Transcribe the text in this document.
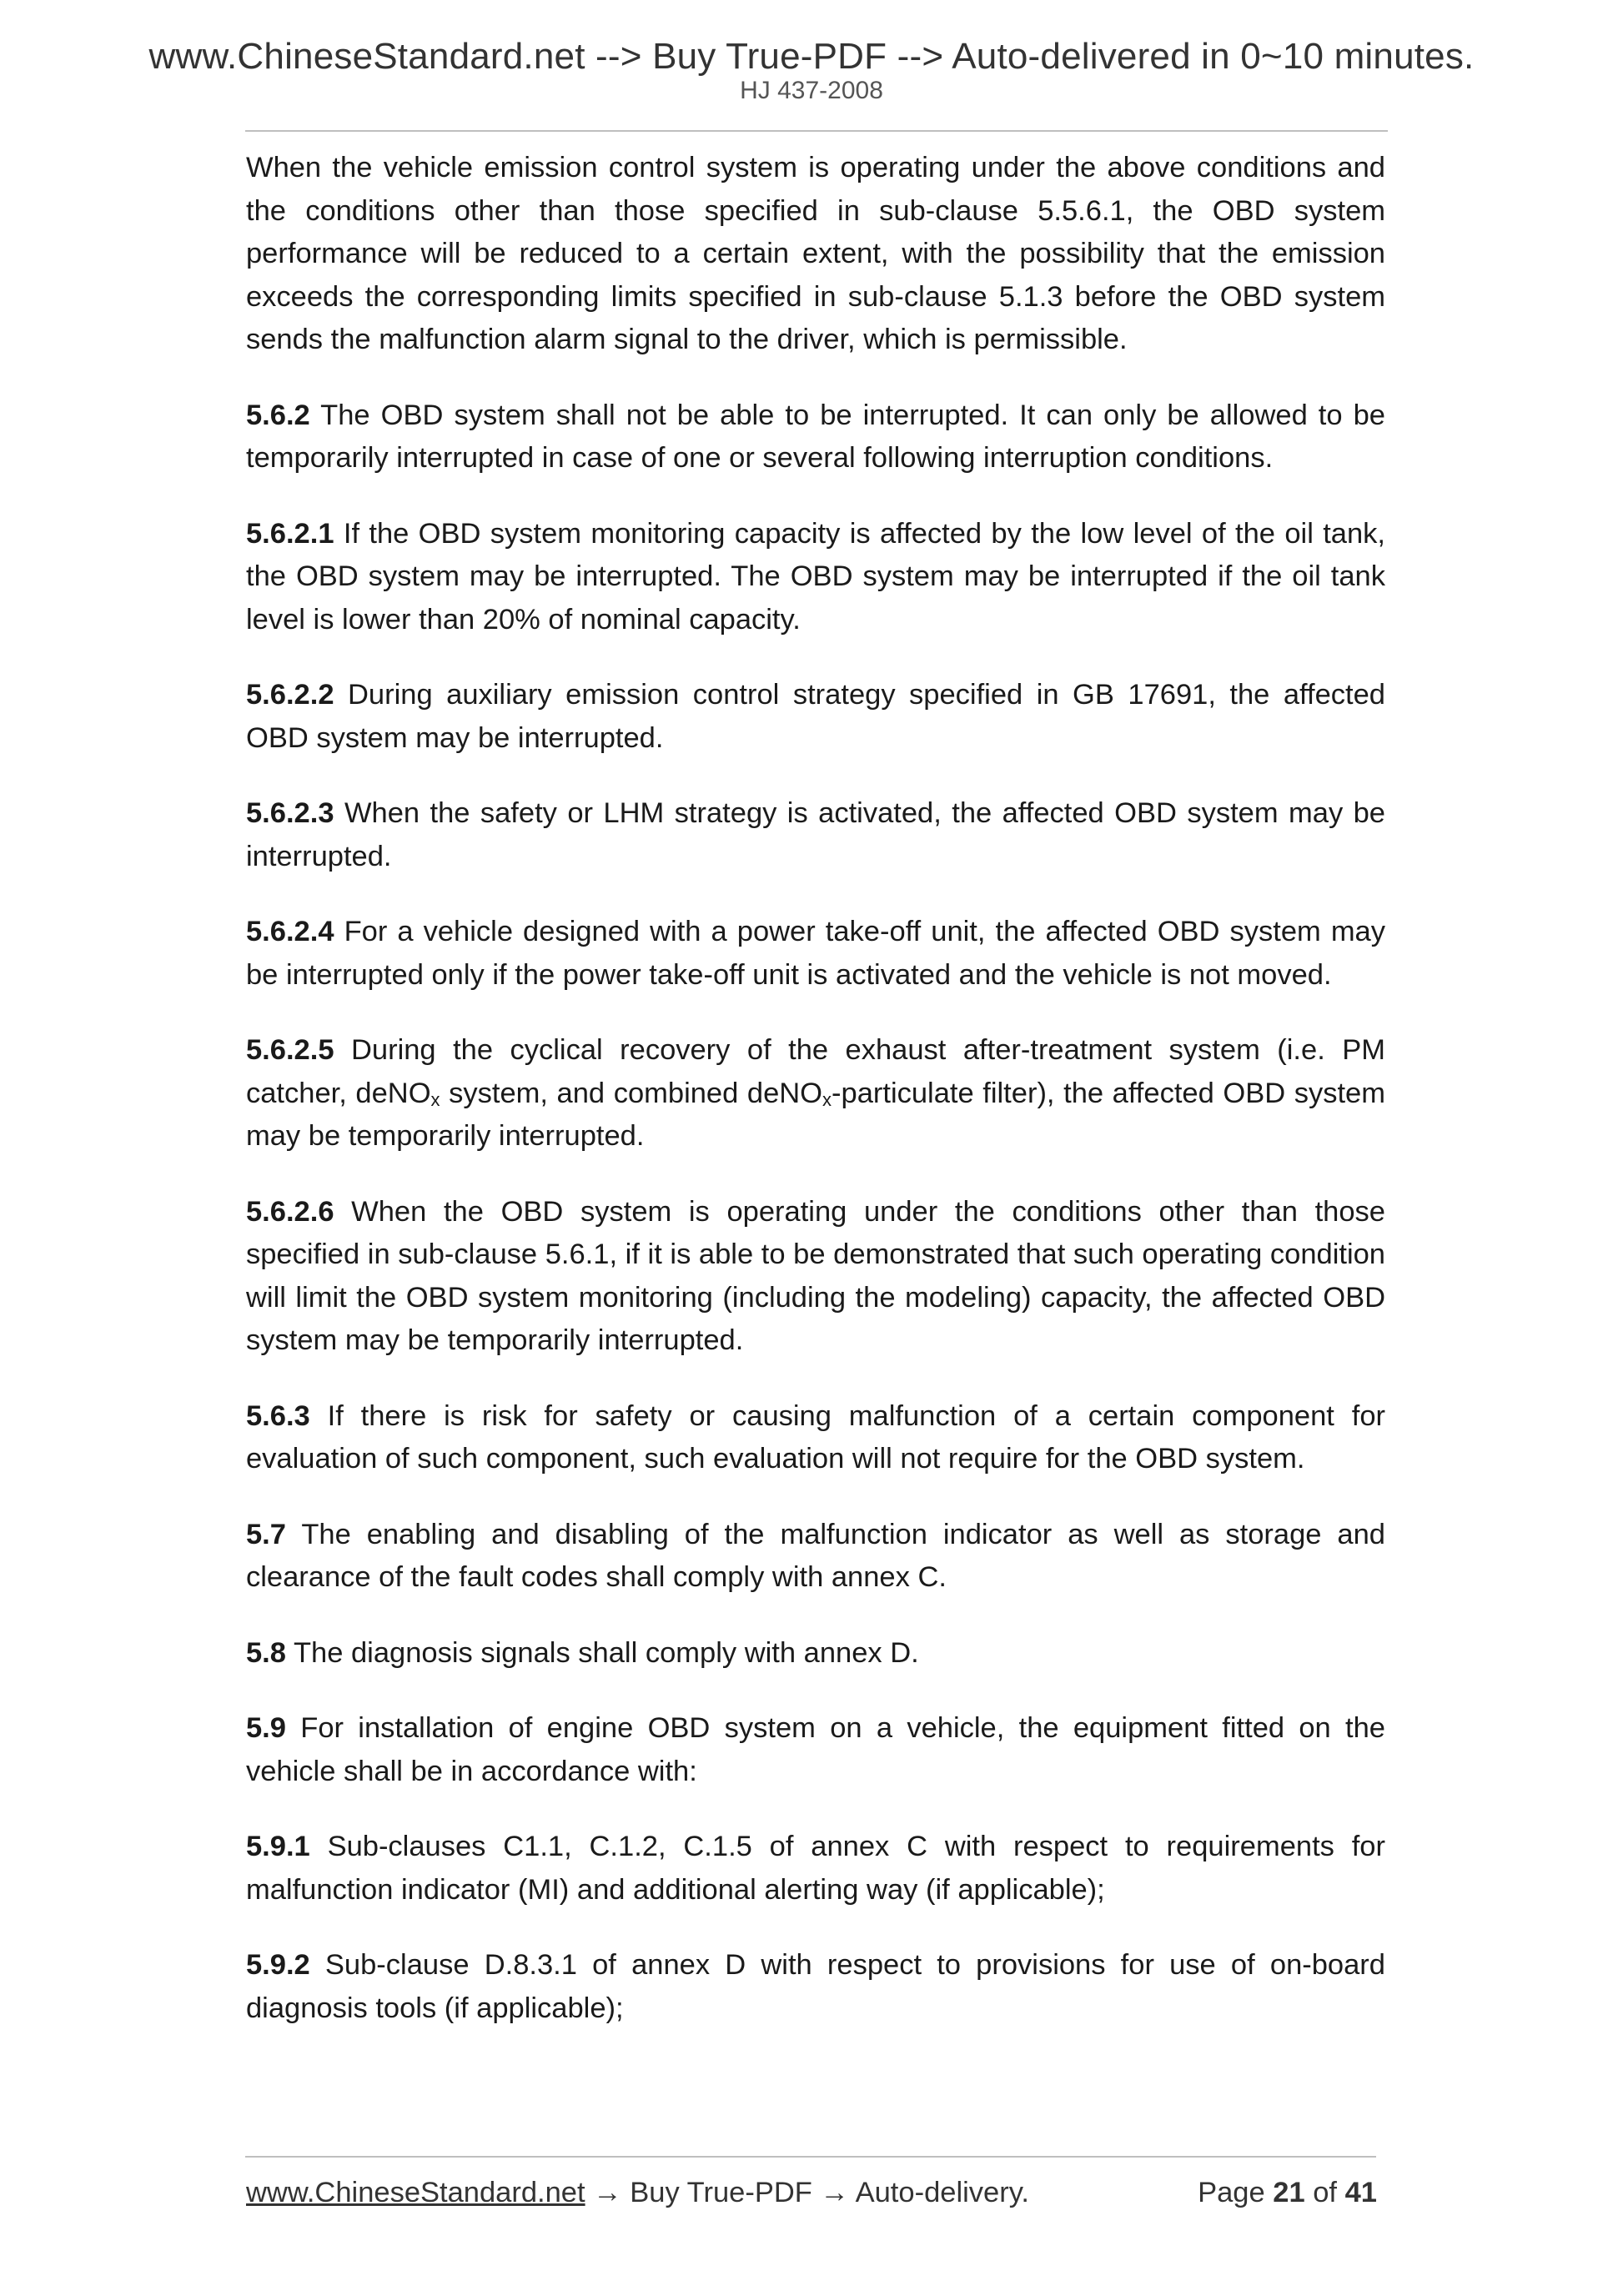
www.ChineseStandard.net --> Buy True-PDF --> Auto-delivered in 0~10 minutes.
HJ 437-2008

When the vehicle emission control system is operating under the above conditions and the conditions other than those specified in sub-clause 5.5.6.1, the OBD system performance will be reduced to a certain extent, with the possibility that the emission exceeds the corresponding limits specified in sub-clause 5.1.3 before the OBD system sends the malfunction alarm signal to the driver, which is permissible.

5.6.2 The OBD system shall not be able to be interrupted. It can only be allowed to be temporarily interrupted in case of one or several following interruption conditions.

5.6.2.1 If the OBD system monitoring capacity is affected by the low level of the oil tank, the OBD system may be interrupted. The OBD system may be interrupted if the oil tank level is lower than 20% of nominal capacity.

5.6.2.2 During auxiliary emission control strategy specified in GB 17691, the affected OBD system may be interrupted.

5.6.2.3 When the safety or LHM strategy is activated, the affected OBD system may be interrupted.

5.6.2.4 For a vehicle designed with a power take-off unit, the affected OBD system may be interrupted only if the power take-off unit is activated and the vehicle is not moved.

5.6.2.5 During the cyclical recovery of the exhaust after-treatment system (i.e. PM catcher, deNO$_x$ system, and combined deNO$_x$-particulate filter), the affected OBD system may be temporarily interrupted.

5.6.2.6 When the OBD system is operating under the conditions other than those specified in sub-clause 5.6.1, if it is able to be demonstrated that such operating condition will limit the OBD system monitoring (including the modeling) capacity, the affected OBD system may be temporarily interrupted.

5.6.3 If there is risk for safety or causing malfunction of a certain component for evaluation of such component, such evaluation will not require for the OBD system.

5.7 The enabling and disabling of the malfunction indicator as well as storage and clearance of the fault codes shall comply with annex C.

5.8 The diagnosis signals shall comply with annex D.

5.9 For installation of engine OBD system on a vehicle, the equipment fitted on the vehicle shall be in accordance with:

5.9.1 Sub-clauses C1.1, C.1.2, C.1.5 of annex C with respect to requirements for malfunction indicator (MI) and additional alerting way (if applicable);

5.9.2 Sub-clause D.8.3.1 of annex D with respect to provisions for use of on-board diagnosis tools (if applicable);

www.ChineseStandard.net → Buy True-PDF → Auto-delivery.	Page 21 of 41
